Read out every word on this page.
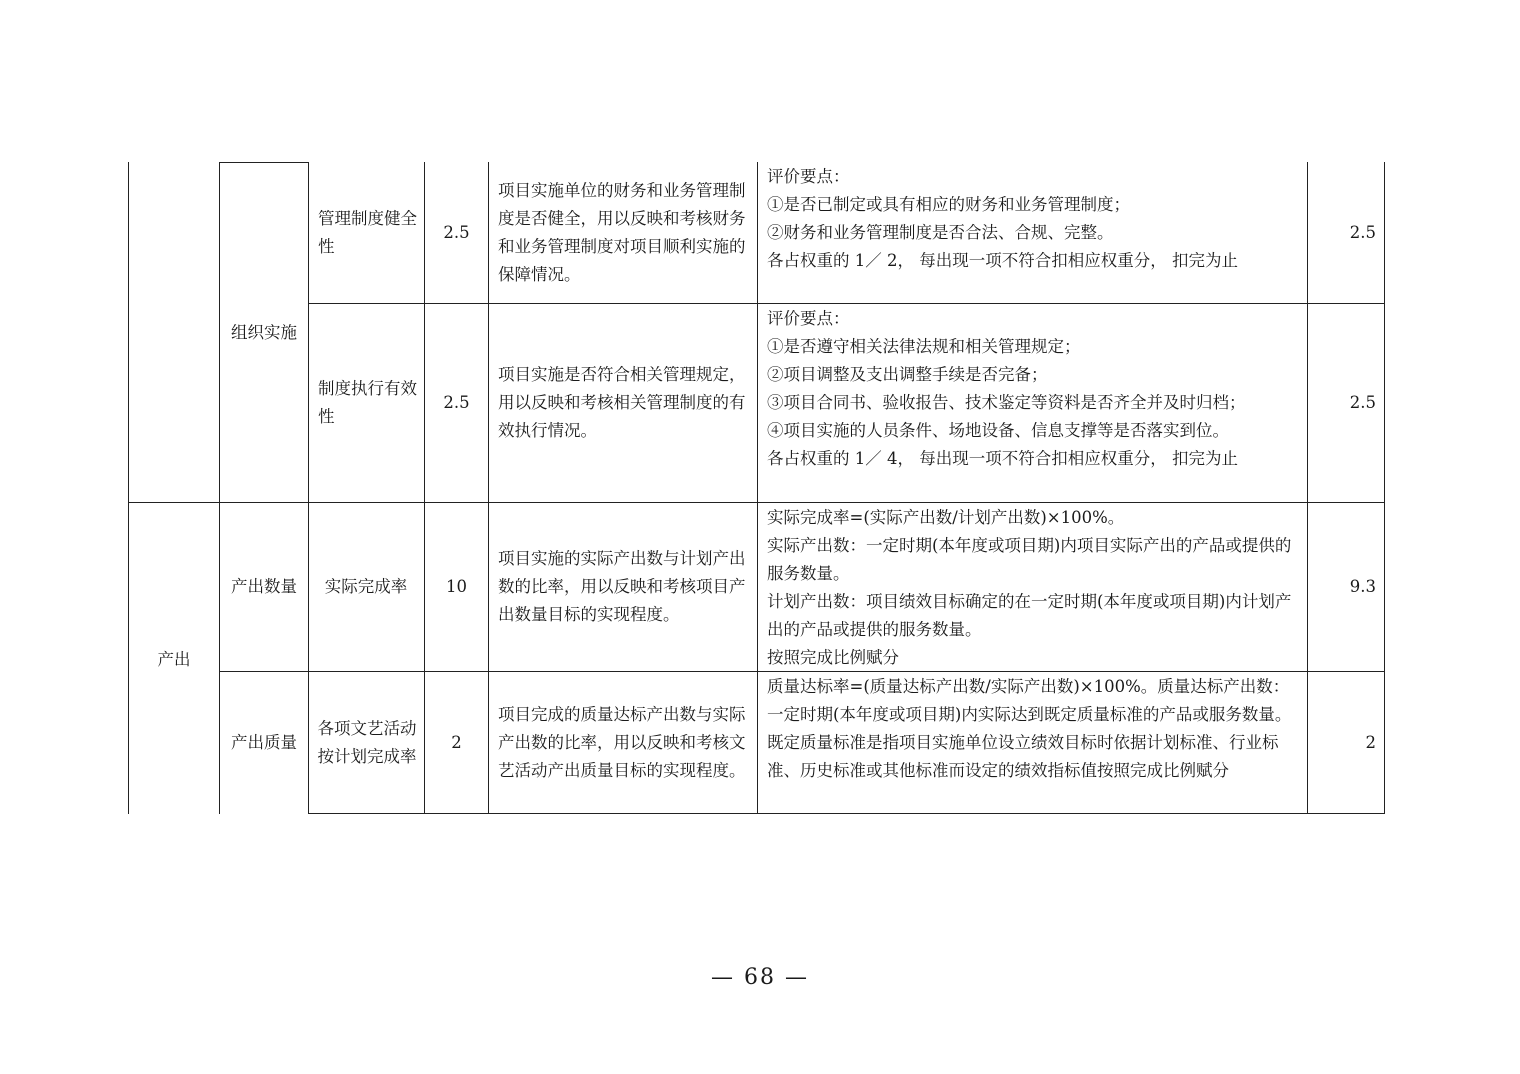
组织实施
管理制度健全性
2.5
项目实施单位的财务和业务管理制度是否健全，用以反映和考核财务和业务管理制度对项目顺利实施的保障情况。
评价要点：
①是否已制定或具有相应的财务和业务管理制度；
②财务和业务管理制度是否合法、合规、完整。
各占权重的 1／ 2， 每出现一项不符合扣相应权重分， 扣完为止
2.5
制度执行有效性
2.5
项目实施是否符合相关管理规定，用以反映和考核相关管理制度的有效执行情况。
评价要点：
①是否遵守相关法律法规和相关管理规定；
②项目调整及支出调整手续是否完备；
③项目合同书、验收报告、技术鉴定等资料是否齐全并及时归档；
④项目实施的人员条件、场地设备、信息支撑等是否落实到位。
各占权重的 1／ 4， 每出现一项不符合扣相应权重分， 扣完为止
2.5
产出
产出数量 实际完成率 10
项目实施的实际产出数与计划产出数的比率，用以反映和考核项目产出数量目标的实现程度。
实际完成率=(实际产出数/计划产出数)×100%。
实际产出数：一定时期(本年度或项目期)内项目实际产出的产品或提供的服务数量。
计划产出数：项目绩效目标确定的在一定时期(本年度或项目期)内计划产出的产品或提供的服务数量。
按照完成比例赋分
9.3
产出质量
各项文艺活动按计划完成率
2
项目完成的质量达标产出数与实际产出数的比率，用以反映和考核文艺活动产出质量目标的实现程度。
质量达标率=(质量达标产出数/实际产出数)×100%。质量达标产出数：一定时期(本年度或项目期)内实际达到既定质量标准的产品或服务数量。既定质量标准是指项目实施单位设立绩效目标时依据计划标准、行业标准、历史标准或其他标准而设定的绩效指标值按照完成比例赋分
2
— 68 —
